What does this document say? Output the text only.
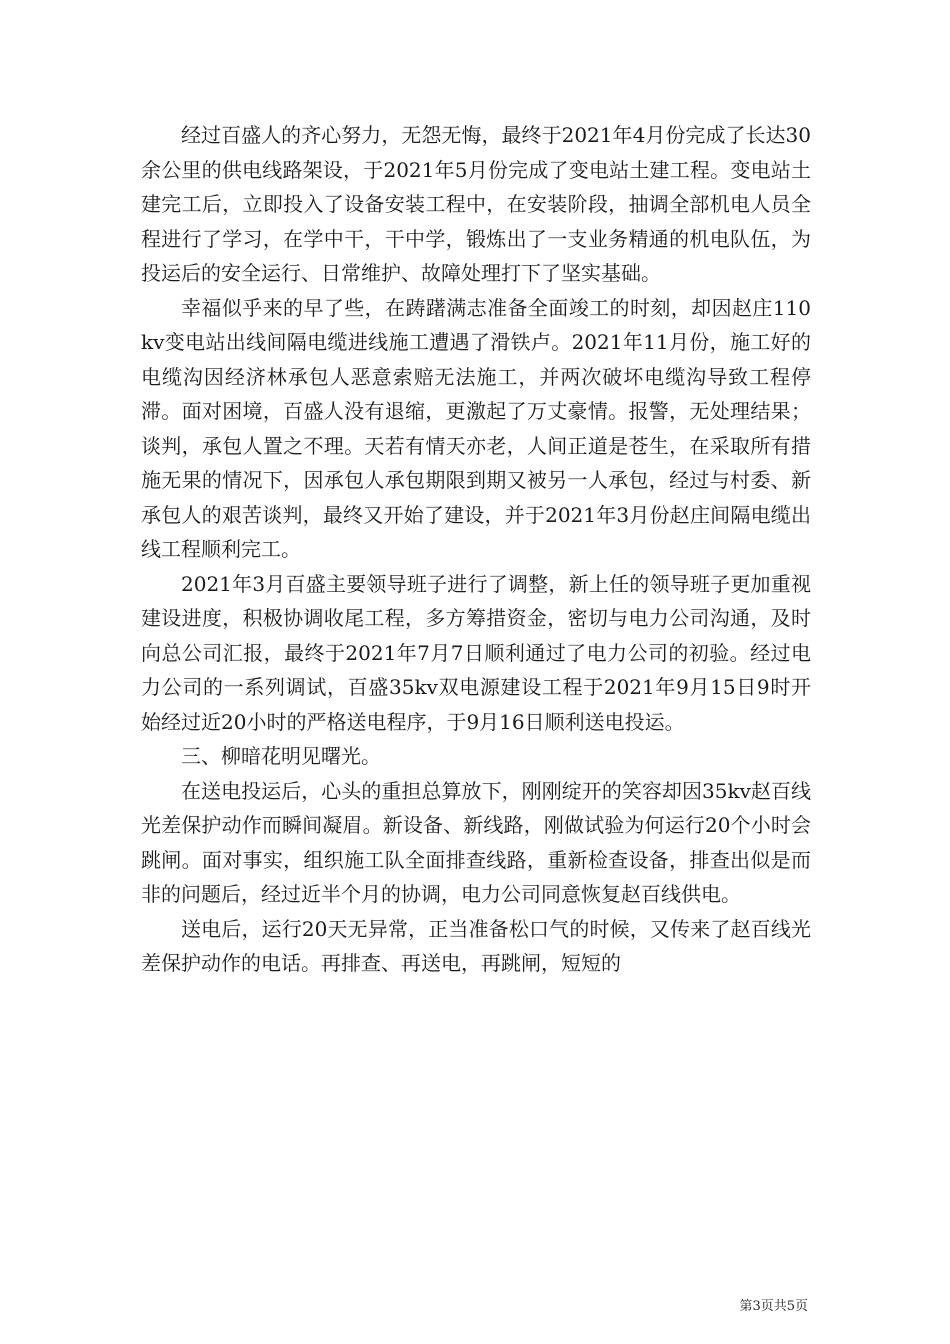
经过百盛人的齐心努力，无怨无悔，最终于2021年4月份完成了长达30余公里的供电线路架设，于2021年5月份完成了变电站土建工程。变电站土建完工后，立即投入了设备安装工程中，在安装阶段，抽调全部机电人员全程进行了学习，在学中干，干中学，锻炼出了一支业务精通的机电队伍，为投运后的安全运行、日常维护、故障处理打下了坚实基础。

幸福似乎来的早了些，在踌躇满志准备全面竣工的时刻，却因赵庄110kv变电站出线间隔电缆进线施工遭遇了滑铁卢。2021年11月份，施工好的电缆沟因经济林承包人恶意索赔无法施工，并两次破坏电缆沟导致工程停滞。面对困境，百盛人没有退缩，更激起了万丈豪情。报警，无处理结果；谈判，承包人置之不理。天若有情天亦老，人间正道是苍生，在采取所有措施无果的情况下，因承包人承包期限到期又被另一人承包，经过与村委、新承包人的艰苦谈判，最终又开始了建设，并于2021年3月份赵庄间隔电缆出线工程顺利完工。

2021年3月百盛主要领导班子进行了调整，新上任的领导班子更加重视建设进度，积极协调收尾工程，多方筹措资金，密切与电力公司沟通，及时向总公司汇报，最终于2021年7月7日顺利通过了电力公司的初验。经过电力公司的一系列调试，百盛35kv双电源建设工程于2021年9月15日9时开始经过近20小时的严格送电程序，于9月16日顺利送电投运。

三、柳暗花明见曙光。

在送电投运后，心头的重担总算放下，刚刚绽开的笑容却因35kv赵百线光差保护动作而瞬间凝眉。新设备、新线路，刚做试验为何运行20个小时会跳闸。面对事实，组织施工队全面排查线路，重新检查设备，排查出似是而非的问题后，经过近半个月的协调，电力公司同意恢复赵百线供电。

送电后，运行20天无异常，正当准备松口气的时候，又传来了赵百线光差保护动作的电话。再排查、再送电，再跳闸，短短的

第3页共5页
